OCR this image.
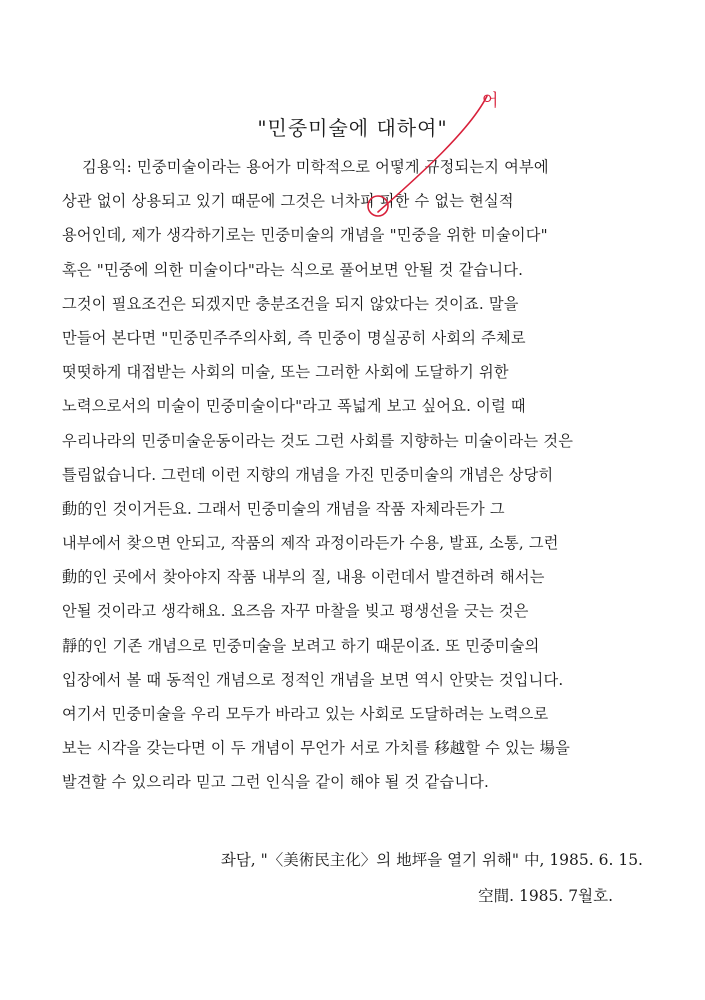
"민중미술에 대하여"
김용익: 민중미술이라는 용어가 미학적으로 어떻게 규정되는지 여부에
상관 없이 상용되고 있기 때문에 그것은 너차피 피한 수 없는 현실적
용어인데, 제가 생각하기로는 민중미술의 개념을 "민중을 위한 미술이다"
혹은 "민중에 의한 미술이다"라는 식으로 풀어보면 안될 것 같습니다.
그것이 필요조건은 되겠지만 충분조건을 되지 않았다는 것이죠. 말을
만들어 본다면 "민중민주주의사회, 즉 민중이 명실공히 사회의 주체로
떳떳하게 대접받는 사회의 미술, 또는 그러한 사회에 도달하기 위한
노력으로서의 미술이 민중미술이다"라고 폭넓게 보고 싶어요. 이럴 때
우리나라의 민중미술운동이라는 것도 그런 사회를 지향하는 미술이라는 것은
틀림없습니다. 그런데 이런 지향의 개념을 가진 민중미술의 개념은 상당히
動的인 것이거든요. 그래서 민중미술의 개념을 작품 자체라든가 그
내부에서 찾으면 안되고, 작품의 제작 과정이라든가 수용, 발표, 소통, 그런
動的인 곳에서 찾아야지 작품 내부의 질, 내용 이런데서 발견하려 해서는
안될 것이라고 생각해요. 요즈음 자꾸 마찰을 빚고 평생선을 긋는 것은
靜的인 기존 개념으로 민중미술을 보려고 하기 때문이죠. 또 민중미술의
입장에서 볼 때 동적인 개념으로 정적인 개념을 보면 역시 안맞는 것입니다.
여기서 민중미술을 우리 모두가 바라고 있는 사회로 도달하려는 노력으로
보는 시각을 갖는다면 이 두 개념이 무언가 서로 가치를 移越할 수 있는 場을
발견할 수 있으리라 믿고 그런 인식을 같이 해야 될 것 같습니다.
좌담, "〈美術民主化〉의 地坪을 열기 위해" 中, 1985. 6. 15.
空間. 1985. 7월호.
어
